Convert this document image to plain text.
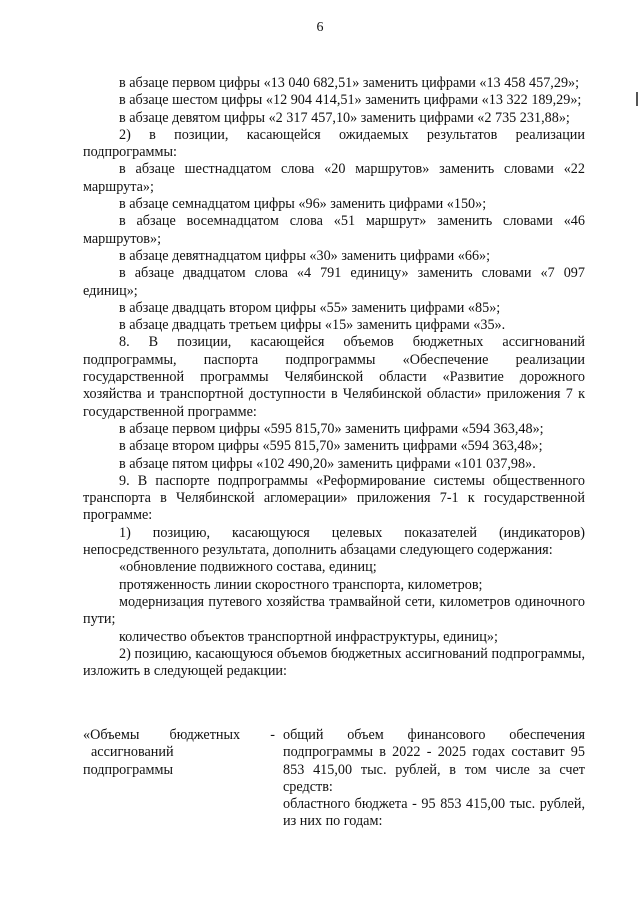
6

в абзаце первом цифры «13 040 682,51» заменить цифрами «13 458 457,29»;

в абзаце шестом цифры «12 904 414,51» заменить цифрами «13 322 189,29»;

в абзаце девятом цифры «2 317 457,10» заменить цифрами «2 735 231,88»;

2) в позиции, касающейся ожидаемых результатов реализации подпрограммы:

в абзаце шестнадцатом слова «20 маршрутов» заменить словами «22 маршрута»;

в абзаце семнадцатом цифры «96» заменить цифрами «150»;

в абзаце восемнадцатом слова «51 маршрут» заменить словами «46 маршрутов»;

в абзаце девятнадцатом цифры «30» заменить цифрами «66»;

в абзаце двадцатом слова «4 791 единицу» заменить словами «7 097 единиц»;

в абзаце двадцать втором цифры «55» заменить цифрами «85»;

в абзаце двадцать третьем цифры «15» заменить цифрами «35».

8. В позиции, касающейся объемов бюджетных ассигнований подпрограммы, паспорта подпрограммы «Обеспечение реализации государственной программы Челябинской области «Развитие дорожного хозяйства и транспортной доступности в Челябинской области» приложения 7 к государственной программе:

в абзаце первом цифры «595 815,70» заменить цифрами «594 363,48»;

в абзаце втором цифры «595 815,70» заменить цифрами «594 363,48»;

в абзаце пятом цифры «102 490,20» заменить цифрами «101 037,98».

9. В паспорте подпрограммы «Реформирование системы общественного транспорта в Челябинской агломерации» приложения 7-1 к государственной программе:

1) позицию, касающуюся целевых показателей (индикаторов) непосредственного результата, дополнить абзацами следующего содержания:

«обновление подвижного состава, единиц;

протяженность линии скоростного транспорта, километров;

модернизация путевого хозяйства трамвайной сети, километров одиночного пути;

количество объектов транспортной инфраструктуры, единиц»;

2) позицию, касающуюся объемов бюджетных ассигнований подпрограммы, изложить в следующей редакции:

«Объемы бюджетных -
ассигнований
подпрограммы

общий объем финансового обеспечения подпрограммы в 2022 - 2025 годах составит 95 853 415,00 тыс. рублей, в том числе за счет средств:

областного бюджета - 95 853 415,00 тыс. рублей, из них по годам:
